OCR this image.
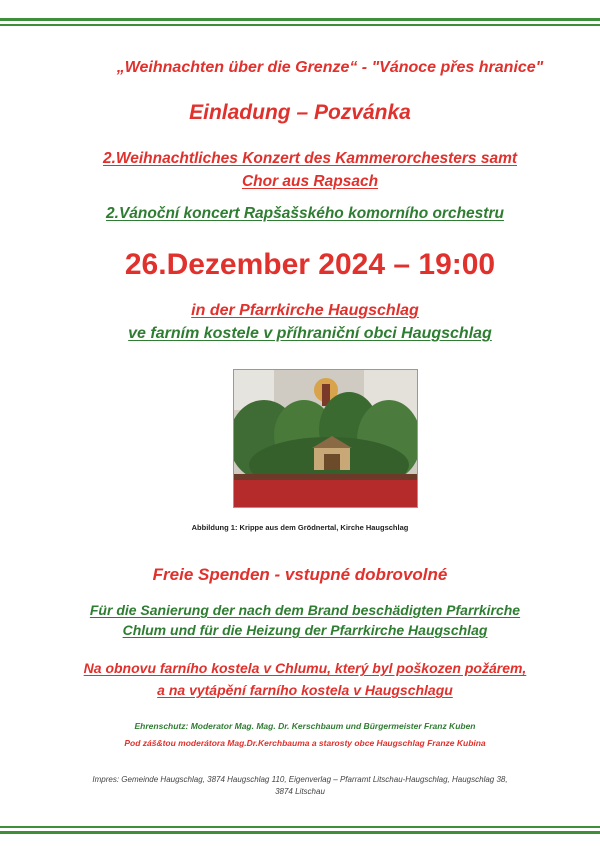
„Weihnachten über die Grenze“ - "Vánoce přes hranice"
Einladung – Pozvánka
2.Weihnachtliches Konzert des Kammerorchesters samt
Chor aus Rapsach
2.Vánoční koncert Rapšašského komorního orchestru
26.Dezember 2024 – 19:00
in der Pfarrkirche Haugschlag
ve farním kostele v příhraniční obci Haugschlag
Abbildung 1: Krippe aus dem Grödnertal, Kirche Haugschlag
Freie Spenden - vstupné dobrovolné
Für die Sanierung der nach dem Brand beschädigten Pfarrkirche
Chlum und für die Heizung der Pfarrkirche Haugschlag
Na obnovu farního kostela v Chlumu, který byl poškozen požárem,
a na vytápění farního kostela v Haugschlagu
Ehrenschutz: Moderator Mag. Mag. Dr. Kerschbaum und Bürgermeister Franz Kuben
Pod záš&tou moderátora Mag.Dr.Kerchbauma a starosty obce Haugschlag Franze Kubina
Impres: Gemeinde Haugschlag, 3874 Haugschlag 110, Eigenverlag – Pfarramt Litschau-Haugschlag, Haugschlag 38,
3874 Litschau
